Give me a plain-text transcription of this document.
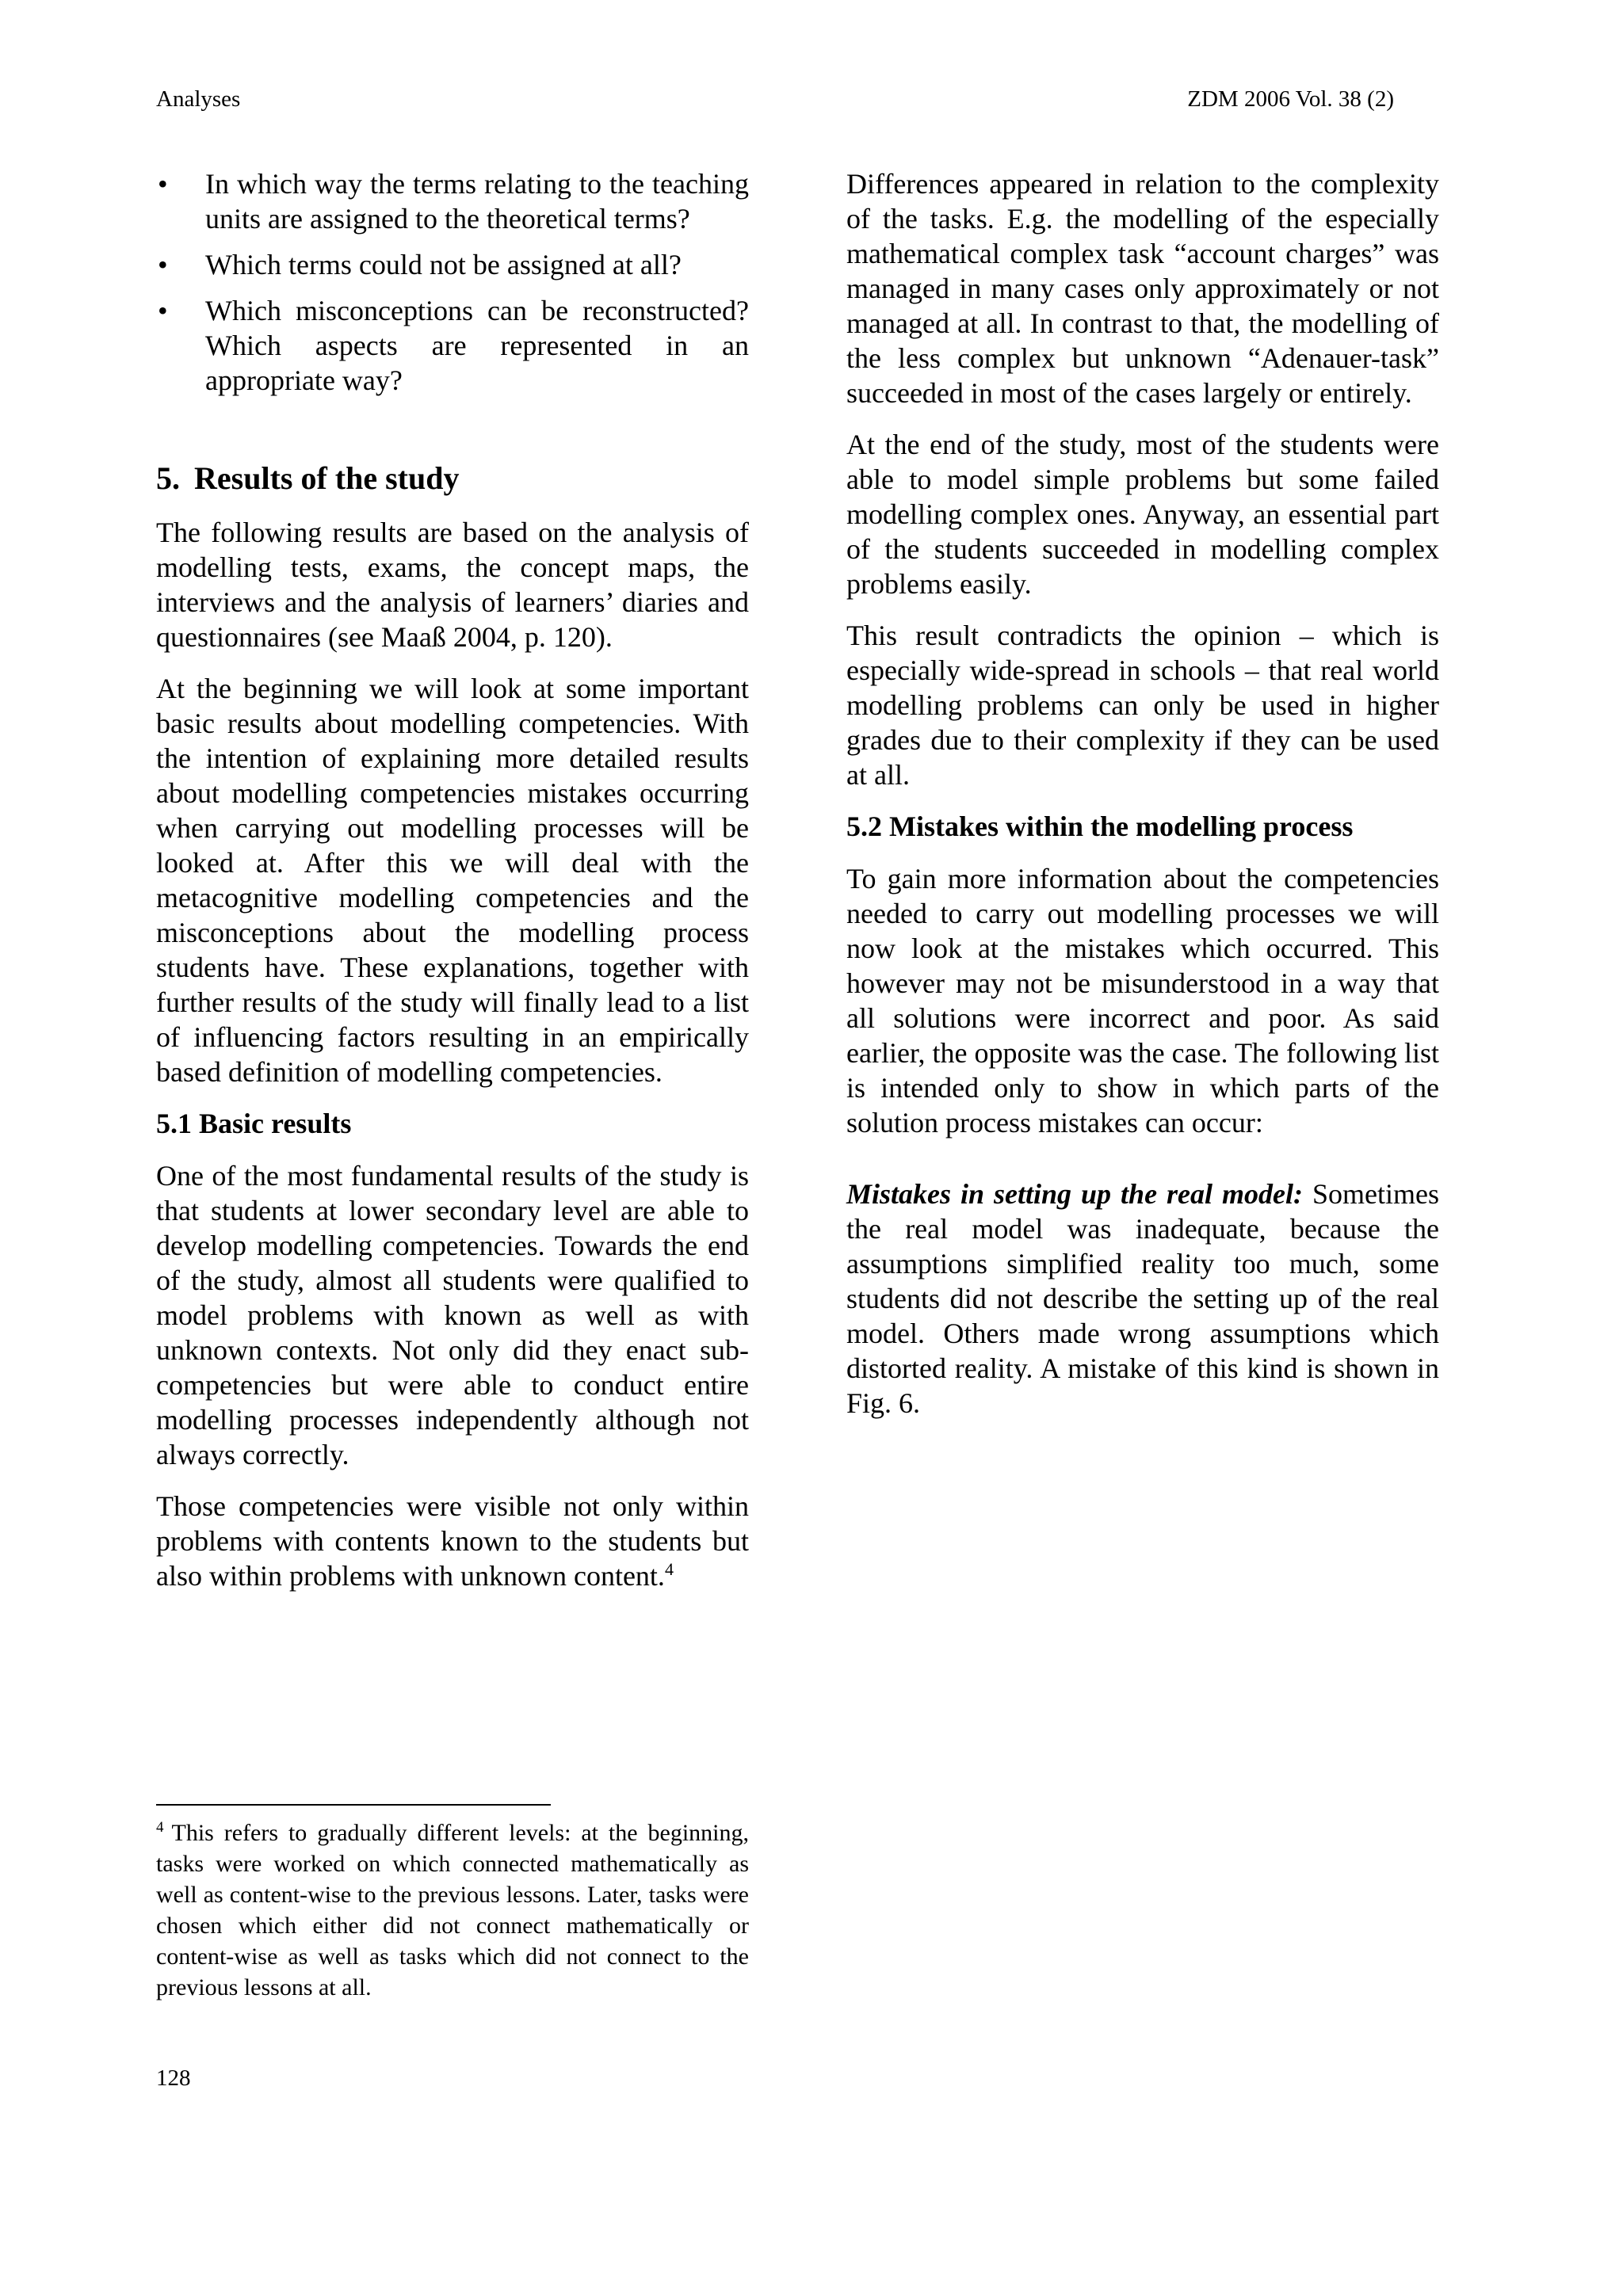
Analyses	ZDM 2006 Vol. 38 (2)
•	In which way the terms relating to the teaching units are assigned to the theoretical terms?
•	Which terms could not be assigned at all?
•	Which misconceptions can be reconstructed? Which aspects are represented in an appropriate way?
5. Results of the study

The following results are based on the analysis of modelling tests, exams, the concept maps, the interviews and the analysis of learners’ diaries and questionnaires (see Maaß 2004, p. 120).

At the beginning we will look at some important basic results about modelling competencies. With the intention of explaining more detailed results about modelling competencies mistakes occurring when carrying out modelling processes will be looked at. After this we will deal with the metacognitive modelling competencies and the misconceptions about the modelling process students have. These explanations, together with further results of the study will finally lead to a list of influencing factors resulting in an empirically based definition of modelling competencies.

5.1 Basic results

One of the most fundamental results of the study is that students at lower secondary level are able to develop modelling competencies. Towards the end of the study, almost all students were qualified to model problems with known as well as with unknown contexts. Not only did they enact sub-competencies but were able to conduct entire modelling processes independently although not always correctly.

Those competencies were visible not only within problems with contents known to the students but also within problems with unknown content.$^4$

Differences appeared in relation to the complexity of the tasks. E.g. the modelling of the especially mathematical complex task “account charges” was managed in many cases only approximately or not managed at all. In contrast to that, the modelling of the less complex but unknown “Adenauer-task” succeeded in most of the cases largely or entirely.

At the end of the study, most of the students were able to model simple problems but some failed modelling complex ones. Anyway, an essential part of the students succeeded in modelling complex problems easily.

This result contradicts the opinion – which is especially wide-spread in schools – that real world modelling problems can only be used in higher grades due to their complexity if they can be used at all.

5.2 Mistakes within the modelling process

To gain more information about the competencies needed to carry out modelling processes we will now look at the mistakes which occurred. This however may not be misunderstood in a way that all solutions were incorrect and poor. As said earlier, the opposite was the case. The following list is intended only to show in which parts of the solution process mistakes can occur:

Mistakes in setting up the real model: Sometimes the real model was inadequate, because the assumptions simplified reality too much, some students did not describe the setting up of the real model. Others made wrong assumptions which distorted reality. A mistake of this kind is shown in Fig. 6.

$^4$ This refers to gradually different levels: at the beginning, tasks were worked on which connected mathematically as well as content-wise to the previous lessons. Later, tasks were chosen which either did not connect mathematically or content-wise as well as tasks which did not connect to the previous lessons at all.
128
